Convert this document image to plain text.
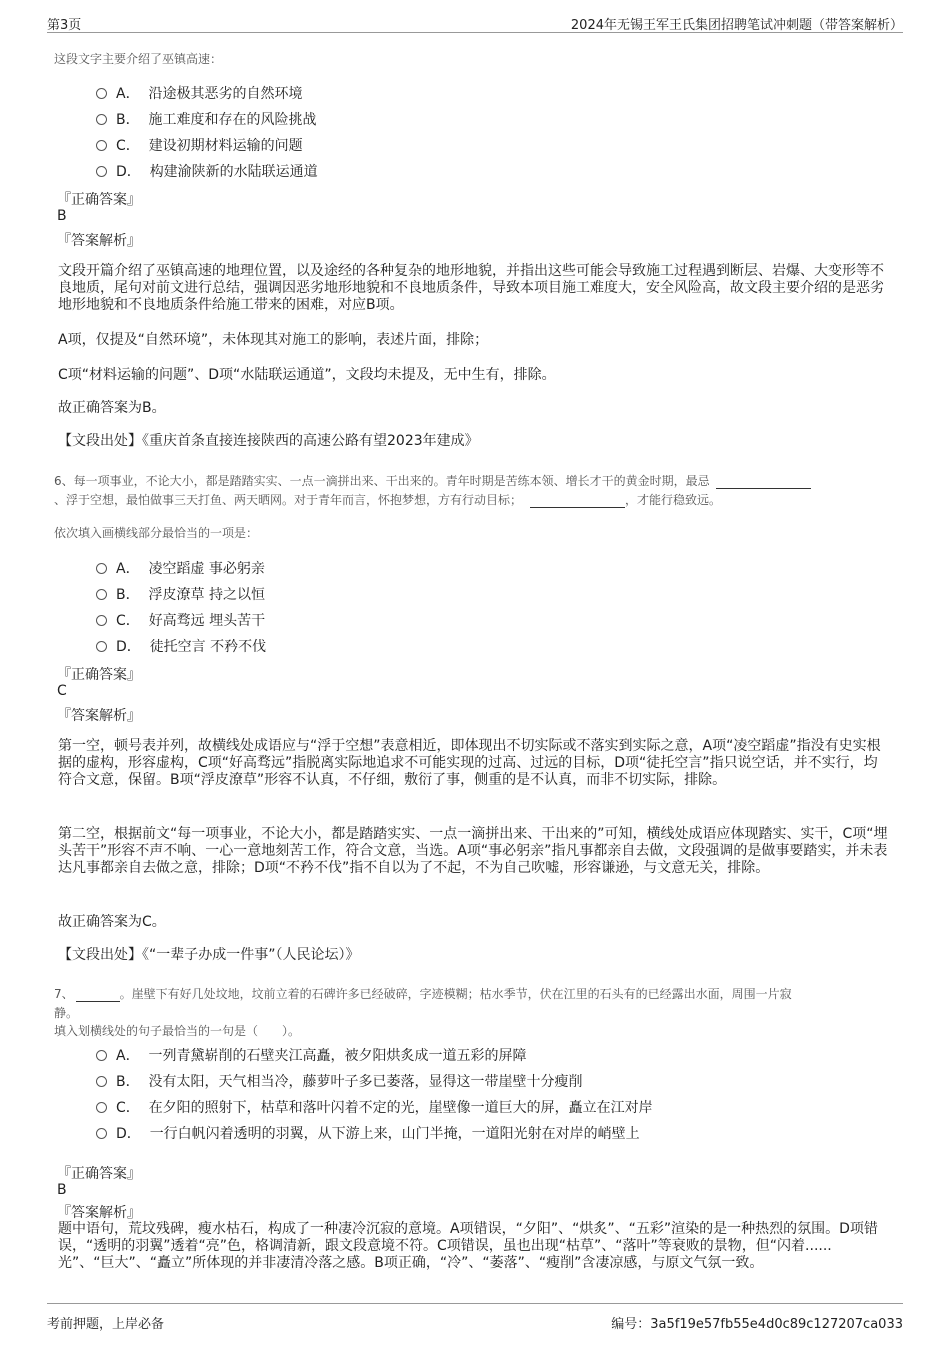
第3页	2024年无锡王军王氏集团招聘笔试冲刺题（带答案解析）
这段文字主要介绍了巫镇高速：
A． 沿途极其恶劣的自然环境
B． 施工难度和存在的风险挑战
C． 建设初期材料运输的问题
D． 构建渝陕新的水陆联运通道
『正确答案』
B
『答案解析』
文段开篇介绍了巫镇高速的地理位置，以及途经的各种复杂的地形地貌，并指出这些可能会导致施工过程遇到断层、岩爆、大变形等不良地质，尾句对前文进行总结，强调因恶劣地形地貌和不良地质条件，导致本项目施工难度大，安全风险高，故文段主要介绍的是恶劣地形地貌和不良地质条件给施工带来的困难，对应B项。
A项，仅提及“自然环境”，未体现其对施工的影响，表述片面，排除；
C项“材料运输的问题”、D项“水陆联运通道”，文段均未提及，无中生有，排除。
故正确答案为B。
【文段出处】《重庆首条直接连接陕西的高速公路有望2023年建成》
6、每一项事业，不论大小，都是踏踏实实、一点一滴拼出来、干出来的。青年时期是苦练本领、增长才干的黄金时期，最忌
、浮于空想，最怕做事三天打鱼、两天晒网。对于青年而言，怀抱梦想，方有行动目标；	，才能行稳致远。
依次填入画横线部分最恰当的一项是：
A． 凌空蹈虚 事必躬亲
B． 浮皮潦草 持之以恒
C． 好高骛远 埋头苦干
D． 徒托空言 不矜不伐
『正确答案』
C
『答案解析』
第一空，顿号表并列，故横线处成语应与“浮于空想”表意相近，即体现出不切实际或不落实到实际之意，A项“凌空蹈虚”指没有史实根据的虚构，形容虚构，C项“好高骛远”指脱离实际地追求不可能实现的过高、过远的目标，D项“徒托空言”指只说空话，并不实行，均符合文意，保留。B项“浮皮潦草”形容不认真，不仔细，敷衍了事，侧重的是不认真，而非不切实际，排除。
第二空，根据前文“每一项事业，不论大小，都是踏踏实实、一点一滴拼出来、干出来的”可知，横线处成语应体现踏实、实干，C项“埋头苦干”形容不声不响、一心一意地刻苦工作，符合文意，当选。A项“事必躬亲”指凡事都亲自去做，文段强调的是做事要踏实，并未表达凡事都亲自去做之意，排除；D项“不矜不伐”指不自以为了不起，不为自己吹嘘，形容谦逊，与文意无关，排除。
故正确答案为C。
【文段出处】《“一辈子办成一件事”（人民论坛）》
7、	。崖壁下有好几处坟地，坟前立着的石碑许多已经破碎，字迹模糊；枯水季节，伏在江里的石头有的已经露出水面，周围一片寂
静。
填入划横线处的句子最恰当的一句是（　　）。
A． 一列青黛崭削的石壁夹江高矗，被夕阳烘炙成一道五彩的屏障
B． 没有太阳，天气相当冷，藤萝叶子多已萎落，显得这一带崖壁十分瘦削
C． 在夕阳的照射下，枯草和落叶闪着不定的光，崖壁像一道巨大的屏，矗立在江对岸
D． 一行白帆闪着透明的羽翼，从下游上来，山门半掩，一道阳光射在对岸的峭壁上
『正确答案』
B
『答案解析』
题中语句，荒坟残碑，瘦水枯石，构成了一种凄冷沉寂的意境。A项错误，“夕阳”、“烘炙”、“五彩”渲染的是一种热烈的氛围。D项错误，“透明的羽翼”透着“亮”色，格调清新，跟文段意境不符。C项错误，虽也出现“枯草”、“落叶”等衰败的景物，但“闪着......光”、“巨大”、“矗立”所体现的并非凄清冷落之感。B项正确，“冷”、“萎落”、“瘦削”含凄凉感，与原文气氛一致。
考前押题，上岸必备	编号：3a5f19e57fb55e4d0c89c127207ca033
